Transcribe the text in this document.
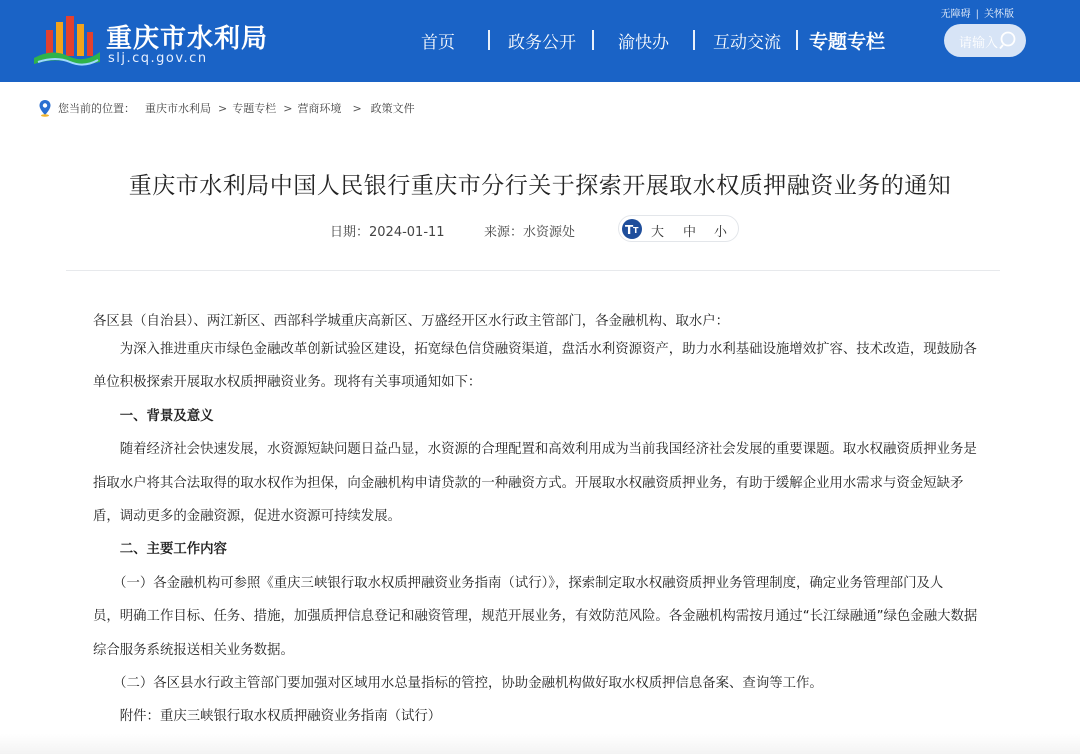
重庆市水利局
slj.cq.gov.cn
无障碍 | 关怀版
首页	政务公开 渝快办	互动交流 专题专栏	请输入
您当前的位置： 重庆市水利局 > 专题专栏 > 营商环境 > 政策文件
重庆市水利局中国人民银行重庆市分行关于探索开展取水权质押融资业务的通知
日期：2024-01-11	来源：水资源处	T T 大 中 小
各区县（自治县）、两江新区、西部科学城重庆高新区、万盛经开区水行政主管部门，各金融机构、取水户：
　　为深入推进重庆市绿色金融改革创新试验区建设，拓宽绿色信贷融资渠道，盘活水利资源资产，助力水利基础设施增效扩容、技术改造，现鼓励各
单位积极探索开展取水权质押融资业务。现将有关事项通知如下：
　　一、背景及意义
　　随着经济社会快速发展，水资源短缺问题日益凸显，水资源的合理配置和高效利用成为当前我国经济社会发展的重要课题。取水权融资质押业务是
指取水户将其合法取得的取水权作为担保，向金融机构申请贷款的一种融资方式。开展取水权融资质押业务，有助于缓解企业用水需求与资金短缺矛
盾，调动更多的金融资源，促进水资源可持续发展。
　　二、主要工作内容
　　（一）各金融机构可参照《重庆三峡银行取水权质押融资业务指南（试行）》，探索制定取水权融资质押业务管理制度，确定业务管理部门及人
员，明确工作目标、任务、措施，加强质押信息登记和融资管理，规范开展业务，有效防范风险。各金融机构需按月通过“长江绿融通”绿色金融大数据
综合服务系统报送相关业务数据。
　　（二）各区县水行政主管部门要加强对区域用水总量指标的管控，协助金融机构做好取水权质押信息备案、查询等工作。
　　附件：重庆三峡银行取水权质押融资业务指南（试行）
